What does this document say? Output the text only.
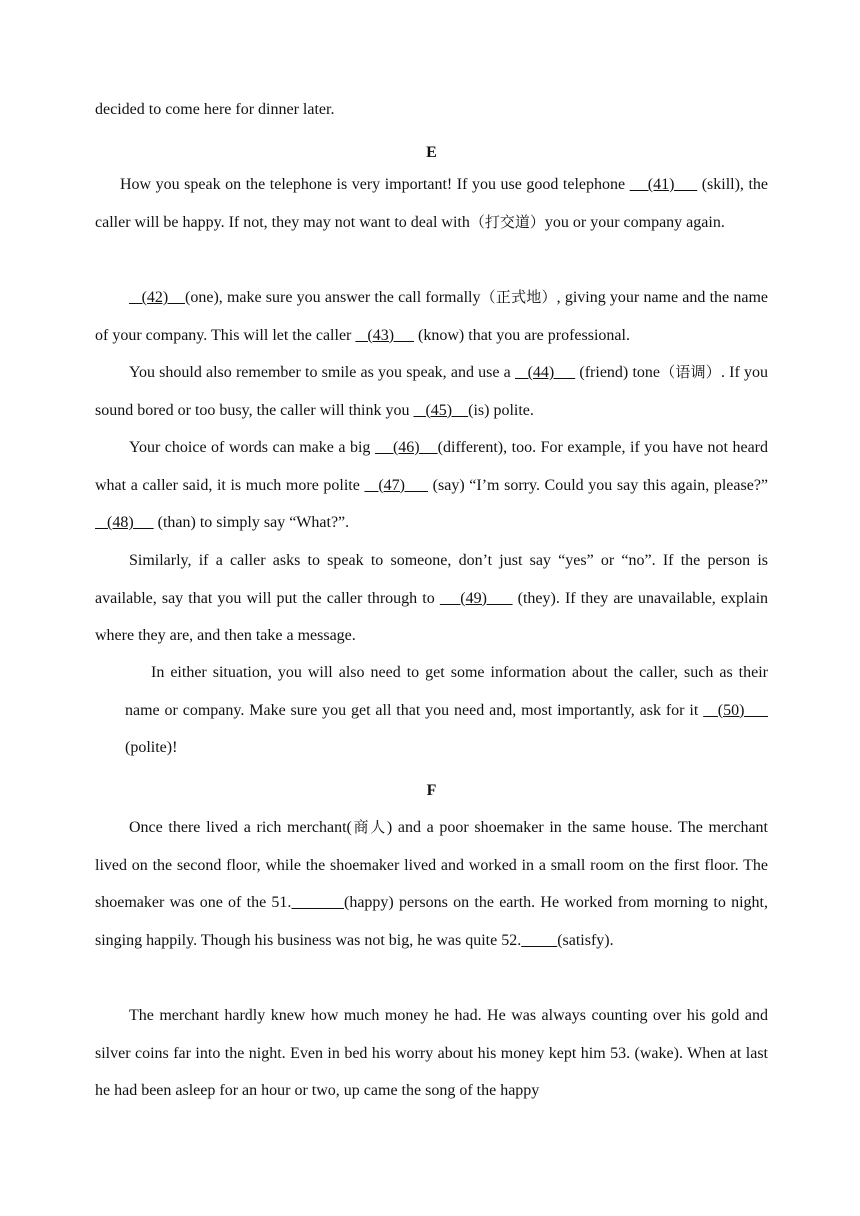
decided to come here for dinner later.

E

How you speak on the telephone is very important! If you use good telephone     (41)      (skill), the caller will be happy. If not, they may not want to deal with（打交道）you or your company again.

(42)    (one), make sure you answer the call formally（正式地）, giving your name and the name of your company. This will let the caller    (43)      (know) that you are professional.

You should also remember to smile as you speak, and use a    (44)      (friend) tone（语调）. If you sound bored or too busy, the caller will think you    (45)    (is) polite.

Your choice of words can make a big     (46)    (different), too. For example, if you have not heard what a caller said, it is much more polite    (47)      (say) “I’m sorry. Could you say this again, please?”    (48)      (than) to simply say “What?”.

Similarly, if a caller asks to speak to someone, don’t just say “yes” or “no”. If the person is available, say that you will put the caller through to     (49)      (they). If they are unavailable, explain where they are, and then take a message.

In either situation, you will also need to get some information about the caller, such as their name or company. Make sure you get all that you need and, most importantly, ask for it    (50)      (polite)!

F

Once there lived a rich merchant(商人) and a poor shoemaker in the same house. The merchant lived on the second floor, while the shoemaker lived and worked in a small room on the first floor. The shoemaker was one of the 51.	(happy) persons on the earth. He worked from morning to night, singing happily. Though his business was not big, he was quite 52. (satisfy).

The merchant hardly knew how much money he had. He was always counting over his gold and silver coins far into the night. Even in bed his worry about his money kept him 53. (wake). When at last he had been asleep for an hour or two, up came the song of the happy
